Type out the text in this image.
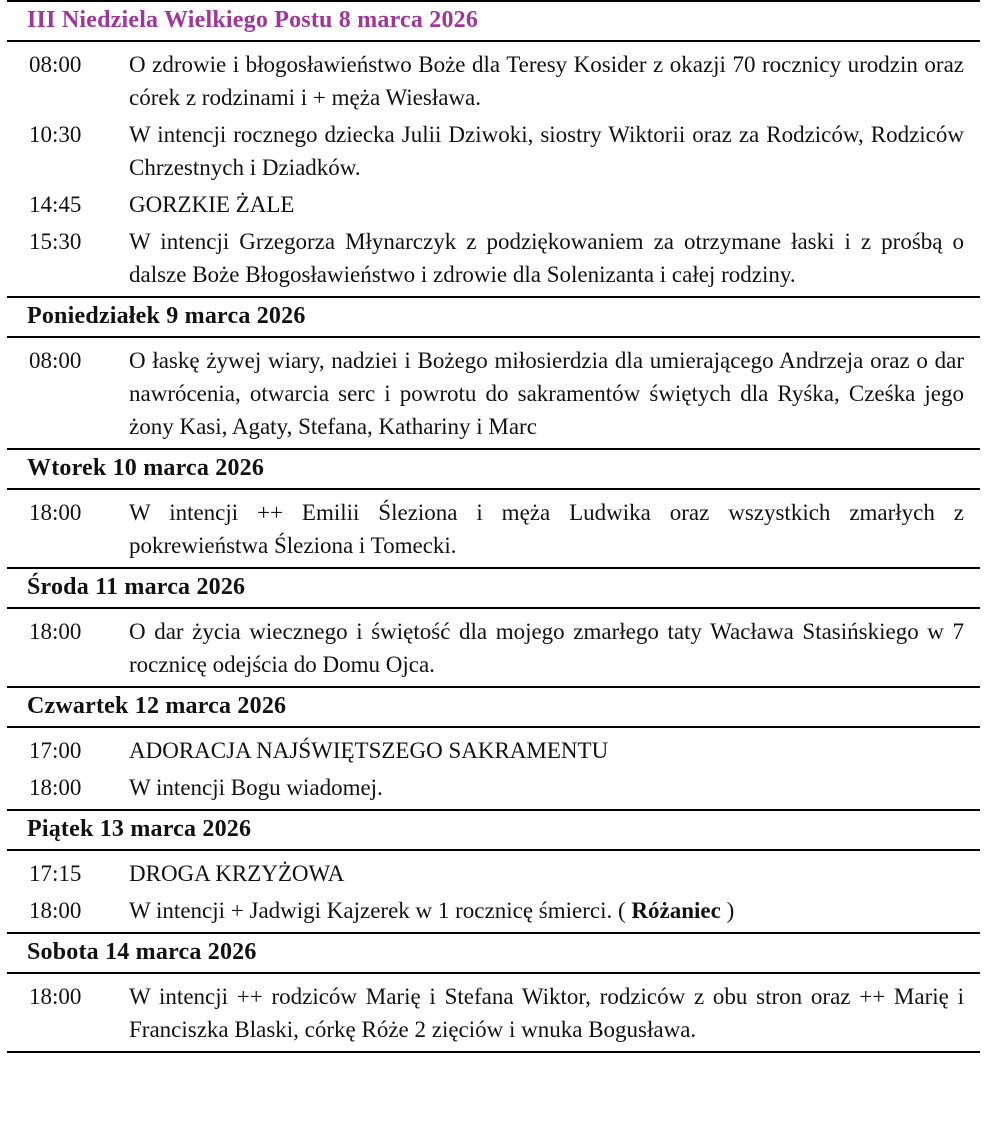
III Niedziela Wielkiego Postu 8 marca 2026
08:00	O zdrowie i błogosławieństwo Boże dla Teresy Kosider z okazji 70 rocznicy urodzin oraz córek z rodzinami i + męża Wiesława.

10:30	W intencji rocznego dziecka Julii Dziwoki, siostry Wiktorii oraz za Rodziców, Rodziców Chrzestnych i Dziadków.

14:45	GORZKIE ŻALE

15:30	W intencji Grzegorza Młynarczyk z podziękowaniem za otrzymane łaski i z prośbą o dalsze Boże Błogosławieństwo i zdrowie dla Solenizanta i całej rodziny.

Poniedziałek 9 marca 2026
08:00	O łaskę żywej wiary, nadziei i Bożego miłosierdzia dla umierającego Andrzeja oraz o dar nawrócenia, otwarcia serc i powrotu do sakramentów świętych dla Ryśka, Cześka jego żony Kasi, Agaty, Stefana, Kathariny i Marc

Wtorek 10 marca 2026
18:00	W intencji ++ Emilii Śleziona i męża Ludwika oraz wszystkich zmarłych z pokrewieństwa Śleziona i Tomecki.

Środa 11 marca 2026
18:00	O dar życia wiecznego i świętość dla mojego zmarłego taty Wacława Stasińskiego w 7 rocznicę odejścia do Domu Ojca.

Czwartek 12 marca 2026
17:00	ADORACJA NAJŚWIĘTSZEGO SAKRAMENTU

18:00	W intencji Bogu wiadomej.

Piątek 13 marca 2026
17:15	DROGA KRZYŻOWA

18:00	W intencji + Jadwigi Kajzerek w 1 rocznicę śmierci. ( Różaniec )

Sobota 14 marca 2026
18:00	W intencji ++ rodziców Marię i Stefana Wiktor, rodziców z obu stron oraz ++ Marię i Franciszka Blaski, córkę Róże 2 zięciów i wnuka Bogusława.
